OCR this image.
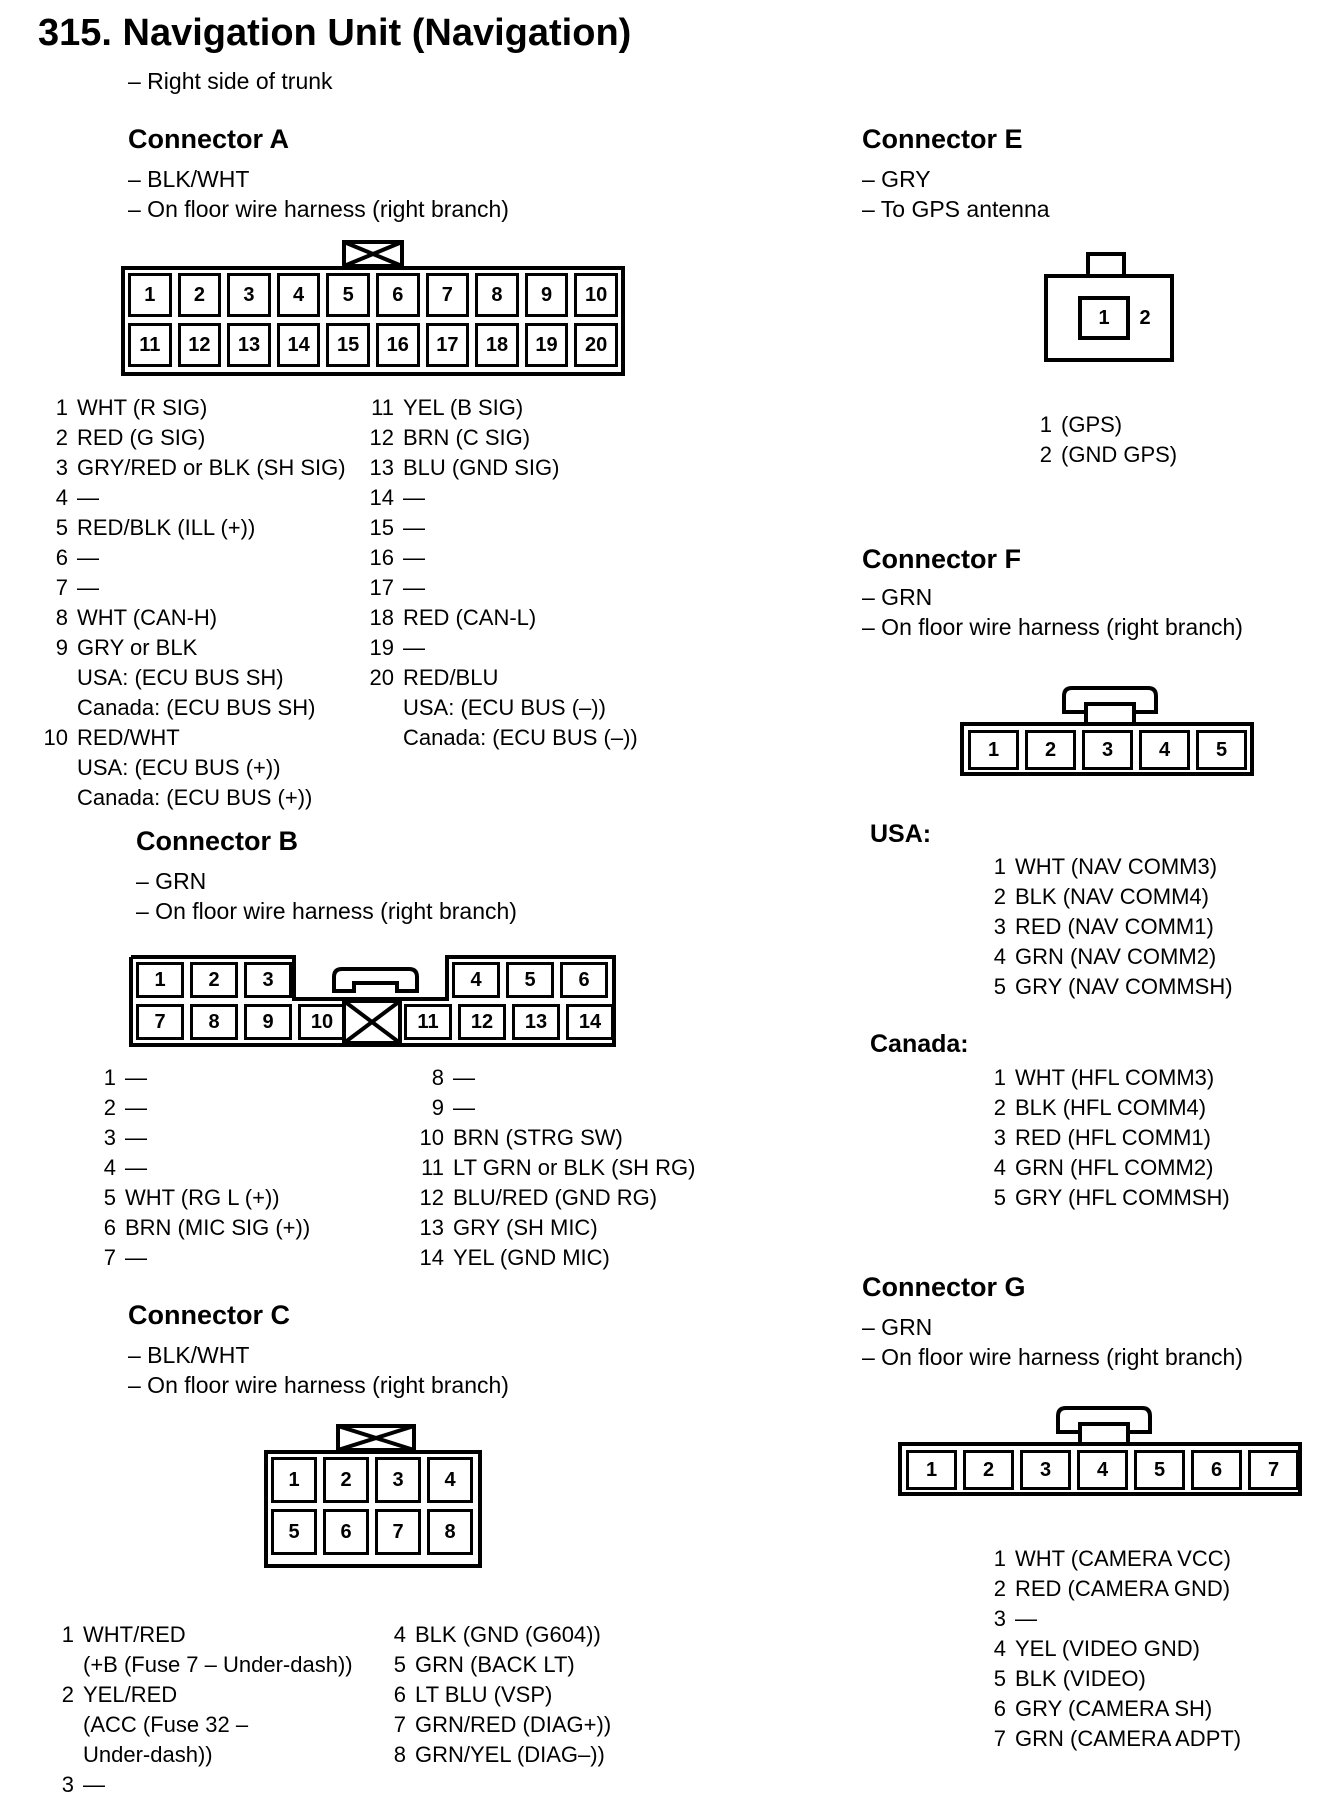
315. Navigation Unit (Navigation)
– Right side of trunk
Connector A
– BLK/WHT
– On floor wire harness (right branch)
1	2	3	4	5	6	7	8	9	10
11	12	13	14	15	16	17	18	19	20
1 WHT (R SIG)
2 RED (G SIG)
3 GRY/RED or BLK (SH SIG)
4 —
5 RED/BLK (ILL (+))
6 —
7 —
8 WHT (CAN-H)
9 GRY or BLK
USA: (ECU BUS SH)
Canada: (ECU BUS SH)
10 RED/WHT
USA: (ECU BUS (+))
Canada: (ECU BUS (+))
11 YEL (B SIG)
12 BRN (C SIG)
13 BLU (GND SIG)
14 —
15 —
16 —
17 —
18 RED (CAN-L)
19 —
20 RED/BLU
USA: (ECU BUS (–))
Canada: (ECU BUS (–))
Connector B
– GRN
– On floor wire harness (right branch)
1	2	3	4	5	6
7	8	9	10	11	12	13	14
1 —
2 —
3 —
4 —
5 WHT (RG L (+))
6 BRN (MIC SIG (+))
7 —
8 —
9 —
10 BRN (STRG SW)
11 LT GRN or BLK (SH RG)
12 BLU/RED (GND RG)
13 GRY (SH MIC)
14 YEL (GND MIC)
Connector C
– BLK/WHT
– On floor wire harness (right branch)
1	2	3	4
5	6	7	8
1 WHT/RED
(+B (Fuse 7 – Under-dash))
2 YEL/RED
(ACC (Fuse 32 –
Under-dash))
3 —
4 BLK (GND (G604))
5 GRN (BACK LT)
6 LT BLU (VSP)
7 GRN/RED (DIAG+))
8 GRN/YEL (DIAG–))
Connector E
– GRY
– To GPS antenna
1	2
1 (GPS)
2 (GND GPS)
Connector F
– GRN
– On floor wire harness (right branch)
1	2	3	4	5
USA:
1 WHT (NAV COMM3)
2 BLK (NAV COMM4)
3 RED (NAV COMM1)
4 GRN (NAV COMM2)
5 GRY (NAV COMMSH)
Canada:
1 WHT (HFL COMM3)
2 BLK (HFL COMM4)
3 RED (HFL COMM1)
4 GRN (HFL COMM2)
5 GRY (HFL COMMSH)
Connector G
– GRN
– On floor wire harness (right branch)
1	2	3	4	5	6	7
1 WHT (CAMERA VCC)
2 RED (CAMERA GND)
3 —
4 YEL (VIDEO GND)
5 BLK (VIDEO)
6 GRY (CAMERA SH)
7 GRN (CAMERA ADPT)
